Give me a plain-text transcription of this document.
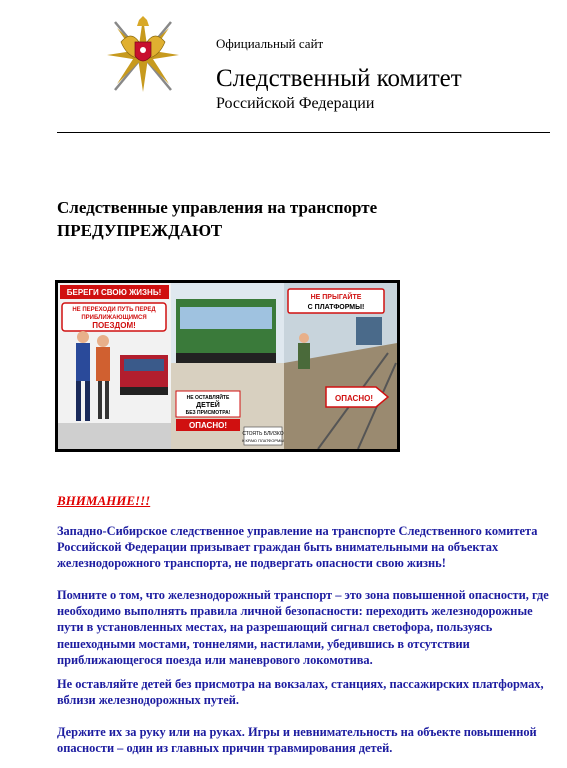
Официальный сайт
Следственный комитет
Российской Федерации
Следственные управления на транспорте
ПРЕДУПРЕЖДАЮТ
БЕРЕГИ СВОЮ ЖИЗНЬ!
НЕ ПЕРЕХОДИ ПУТЬ ПЕРЕД
ПРИБЛИЖАЮЩИМСЯ
ПОЕЗДОМ!
НЕ ОСТАВЛЯЙТЕ
ДЕТЕЙ
БЕЗ ПРИСМОТРА!
ОПАСНО!
СТОЯТЬ БЛИЗКО
К КРАЮ ПЛАТФОРМЫ
НЕ ПРЫГАЙТЕ
С ПЛАТФОРМЫ!
ОПАСНО!
ВНИМАНИЕ!!!
Западно-Сибирское следственное управление на транспорте Следственного комитета Российской Федерации призывает граждан быть внимательными на объектах железнодорожного транспорта, не подвергать опасности свою жизнь!
Помните о том, что железнодорожный транспорт – это зона повышенной опасности, где необходимо выполнять правила личной безопасности: переходить железнодорожные пути в установленных местах, на разрешающий сигнал светофора, пользуясь пешеходными мостами, тоннелями, настилами, убедившись в отсутствии приближающегося поезда или маневрового локомотива.
Не оставляйте детей без присмотра на вокзалах, станциях, пассажирских платформах, вблизи железнодорожных путей.
Держите их за руку или на руках. Игры и невнимательность на объекте повышенной опасности – один из главных причин травмирования детей.
